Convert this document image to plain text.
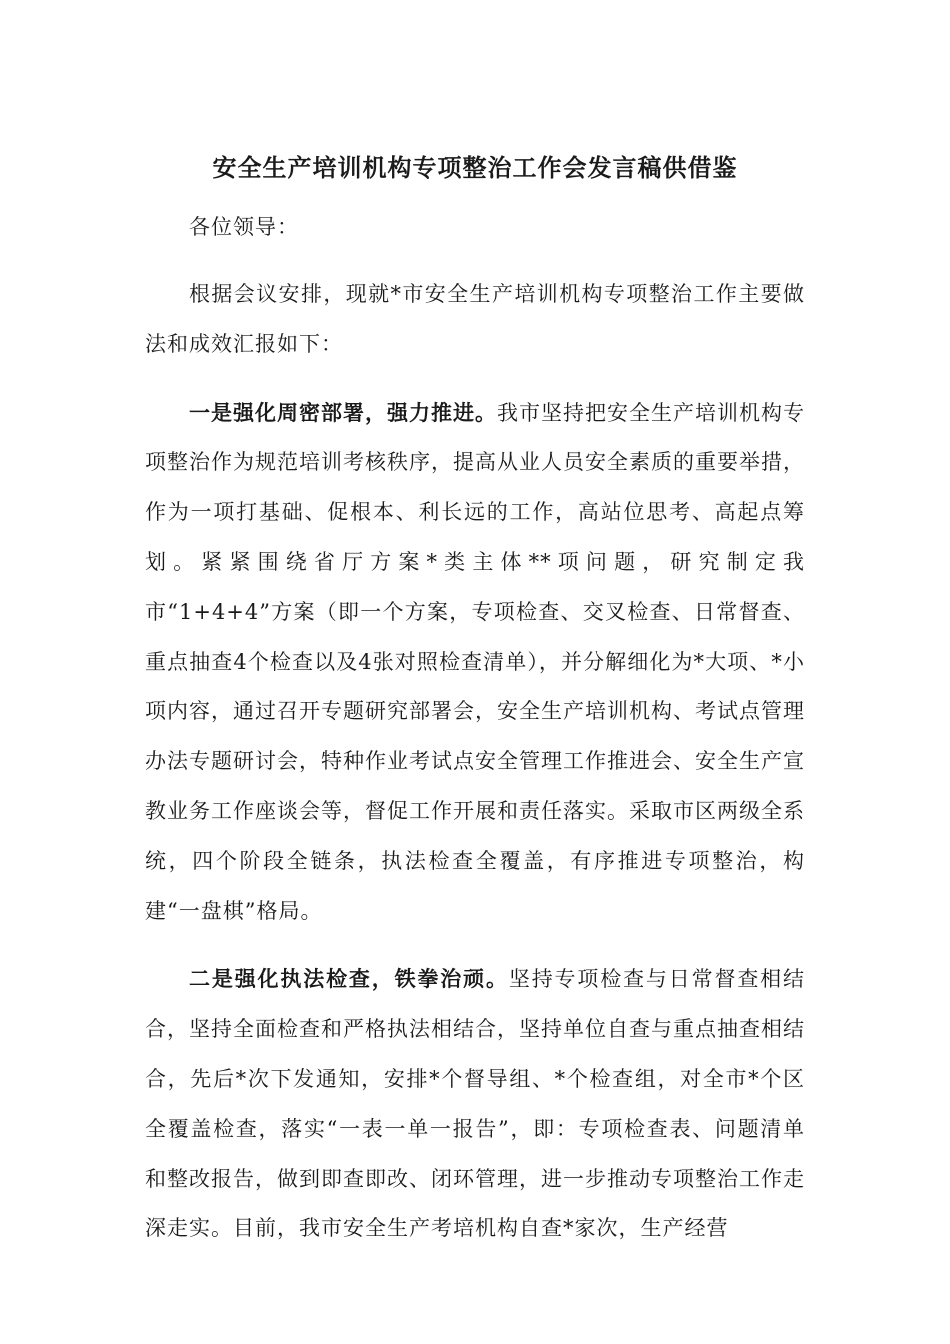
安全生产培训机构专项整治工作会发言稿供借鉴

各位领导：

根据会议安排，现就*市安全生产培训机构专项整治工作主要做法和成效汇报如下：

一是强化周密部署，强力推进。我市坚持把安全生产培训机构专项整治作为规范培训考核秩序，提高从业人员安全素质的重要举措，作为一项打基础、促根本、利长远的工作，高站位思考、高起点筹划。紧紧围绕省厅方案*类主体**项问题，研究制定我市“1+4+4”方案（即一个方案，专项检查、交叉检查、日常督查、重点抽查4个检查以及4张对照检查清单），并分解细化为*大项、*小项内容，通过召开专题研究部署会，安全生产培训机构、考试点管理办法专题研讨会，特种作业考试点安全管理工作推进会、安全生产宣教业务工作座谈会等，督促工作开展和责任落实。采取市区两级全系统，四个阶段全链条，执法检查全覆盖，有序推进专项整治，构建“一盘棋”格局。

二是强化执法检查，铁拳治顽。坚持专项检查与日常督查相结合，坚持全面检查和严格执法相结合，坚持单位自查与重点抽查相结合，先后*次下发通知，安排*个督导组、*个检查组，对全市*个区全覆盖检查，落实“一表一单一报告”，即：专项检查表、问题清单和整改报告，做到即查即改、闭环管理，进一步推动专项整治工作走深走实。目前，我市安全生产考培机构自查*家次，生产经营
